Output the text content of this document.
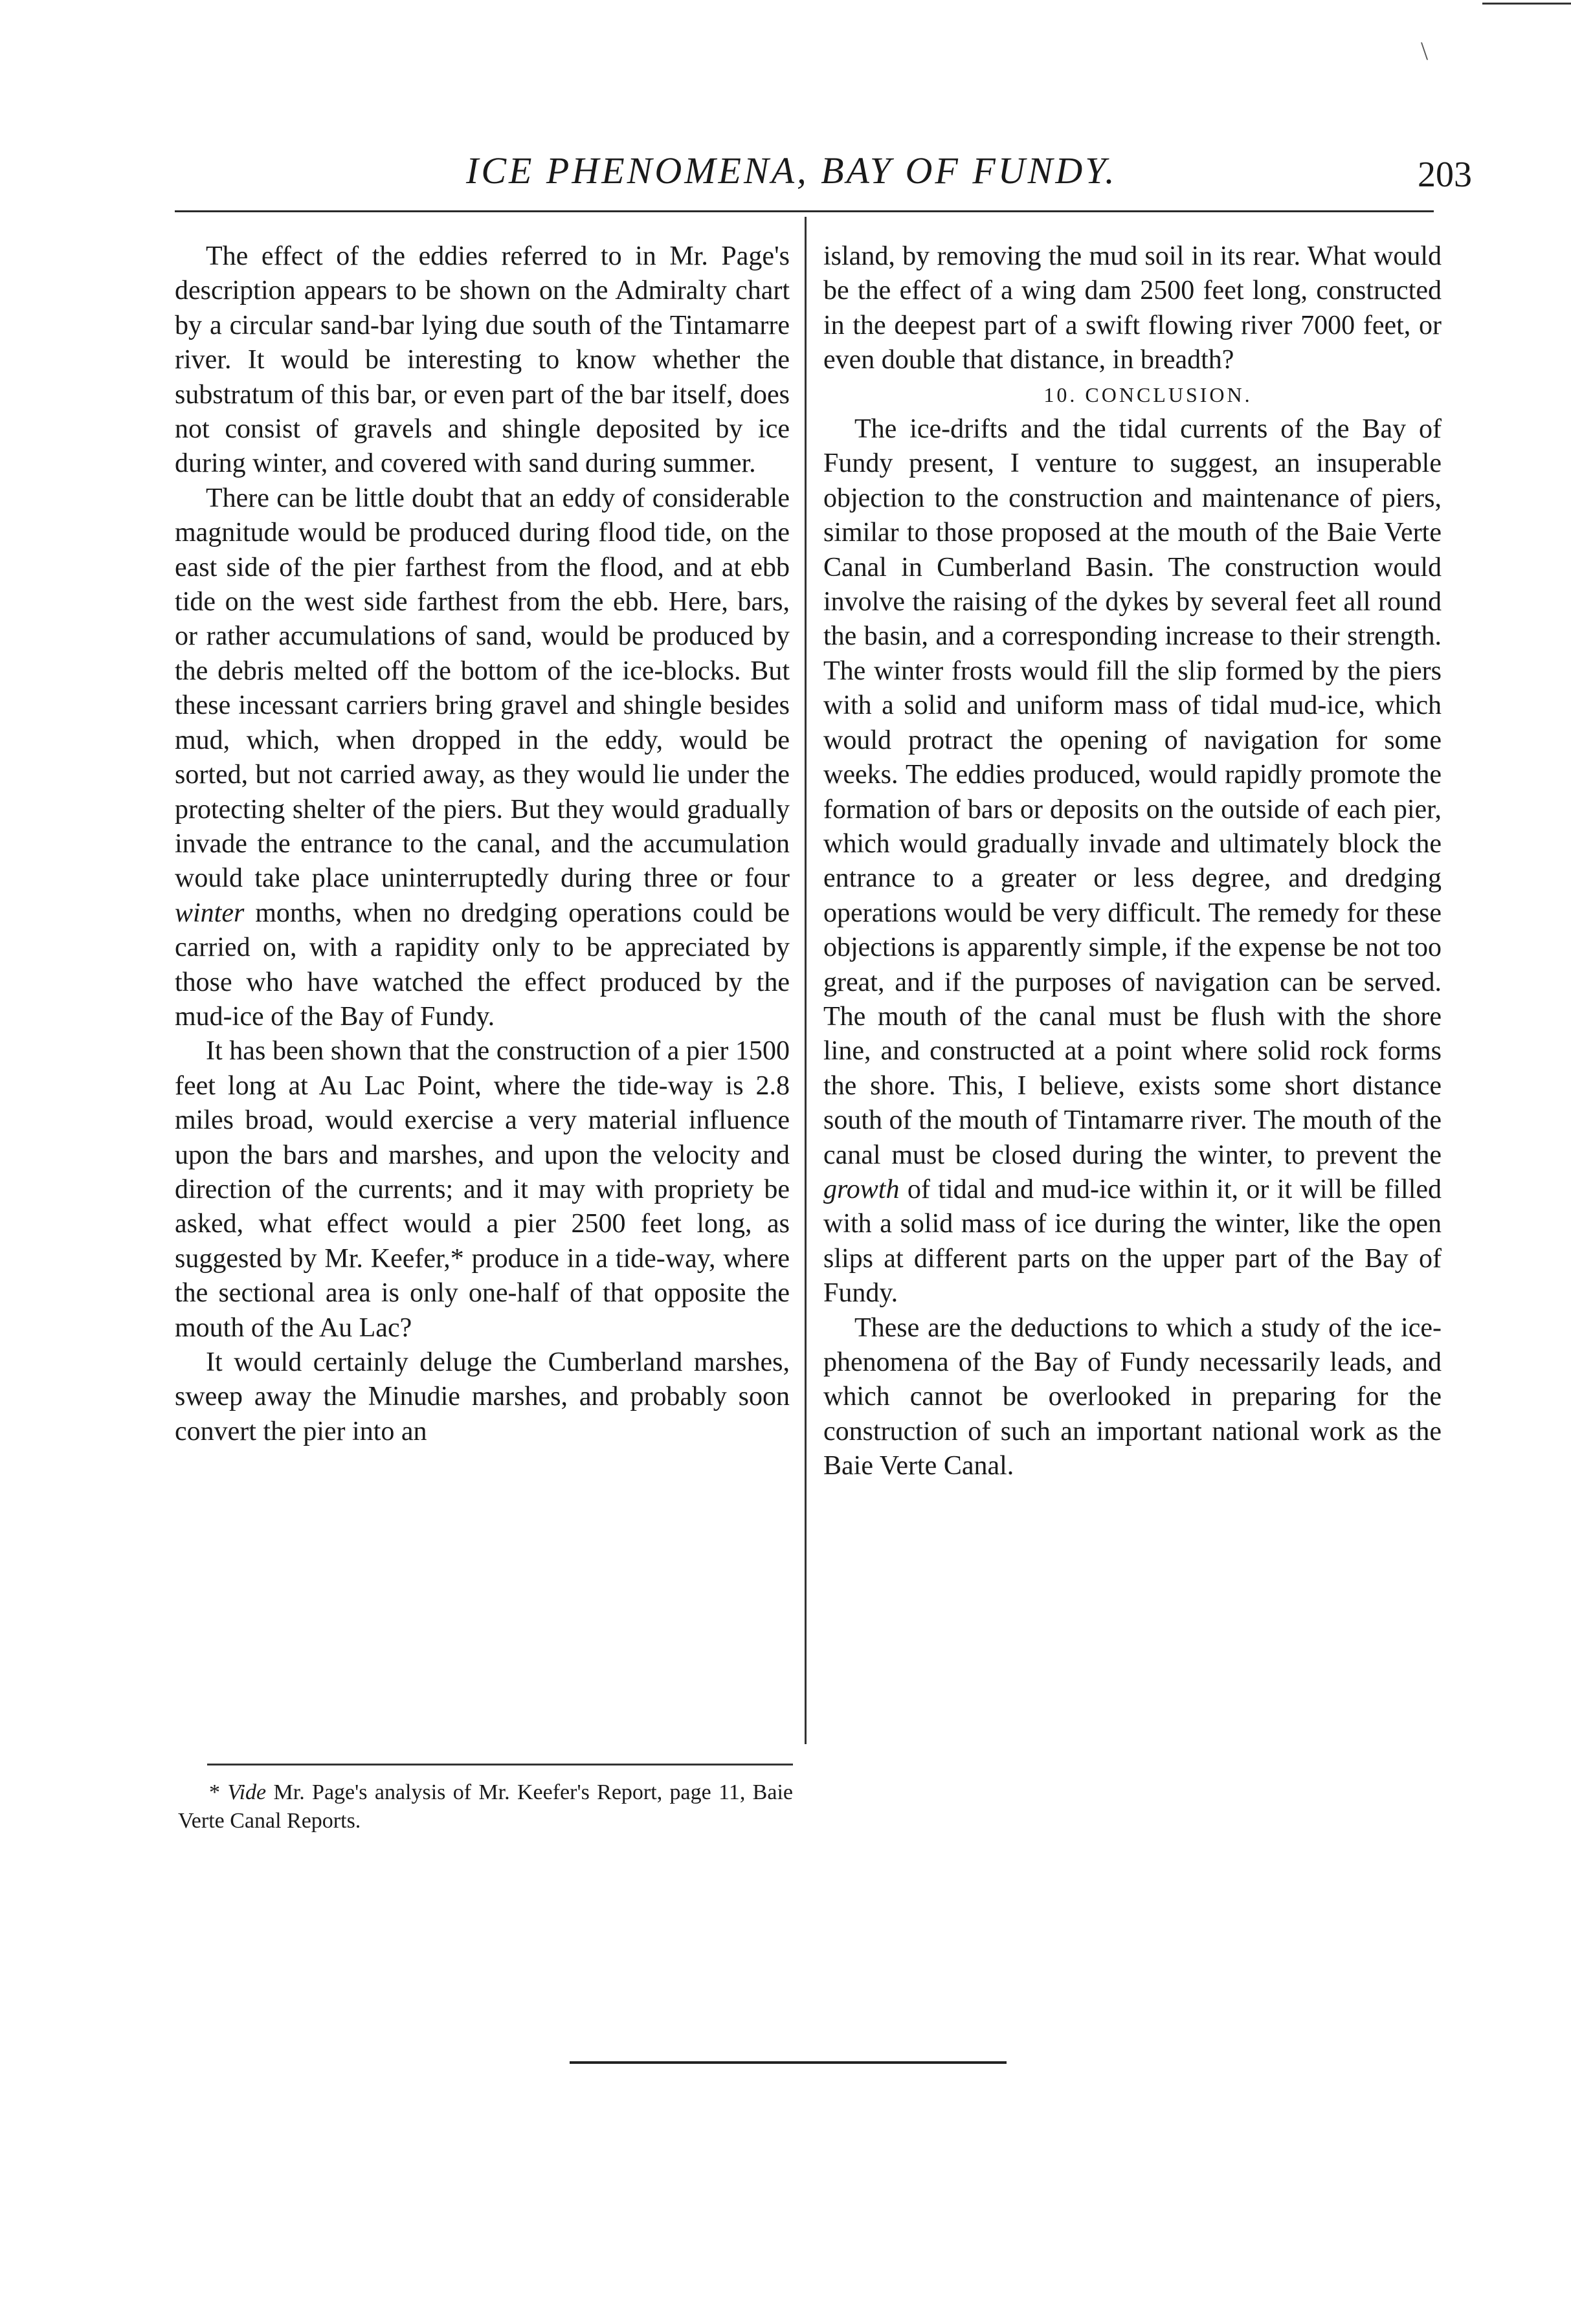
\
ICE PHENOMENA, BAY OF FUNDY.	203

The effect of the eddies referred to in Mr. Page's description appears to be shown on the Admiralty chart by a circular sand-bar lying due south of the Tintamarre river. It would be interesting to know whether the substratum of this bar, or even part of the bar itself, does not consist of gravels and shingle deposited by ice during winter, and covered with sand during summer.

There can be little doubt that an eddy of considerable magnitude would be produced during flood tide, on the east side of the pier farthest from the flood, and at ebb tide on the west side farthest from the ebb. Here, bars, or rather accumulations of sand, would be produced by the debris melted off the bottom of the ice-blocks. But these incessant carriers bring gravel and shingle besides mud, which, when dropped in the eddy, would be sorted, but not carried away, as they would lie under the protecting shelter of the piers. But they would gradually invade the entrance to the canal, and the accumulation would take place uninterruptedly during three or four winter months, when no dredging operations could be carried on, with a rapidity only to be appreciated by those who have watched the effect produced by the mud-ice of the Bay of Fundy.

It has been shown that the construction of a pier 1500 feet long at Au Lac Point, where the tide-way is 2.8 miles broad, would exercise a very material influence upon the bars and marshes, and upon the velocity and direction of the currents; and it may with propriety be asked, what effect would a pier 2500 feet long, as suggested by Mr. Keefer,* produce in a tide-way, where the sectional area is only one-half of that opposite the mouth of the Au Lac?

It would certainly deluge the Cumberland marshes, sweep away the Minudie marshes, and probably soon convert the pier into an

island, by removing the mud soil in its rear. What would be the effect of a wing dam 2500 feet long, constructed in the deepest part of a swift flowing river 7000 feet, or even double that distance, in breadth?

10. CONCLUSION.

The ice-drifts and the tidal currents of the Bay of Fundy present, I venture to suggest, an insuperable objection to the construction and maintenance of piers, similar to those proposed at the mouth of the Baie Verte Canal in Cumberland Basin. The construction would involve the raising of the dykes by several feet all round the basin, and a corresponding increase to their strength. The winter frosts would fill the slip formed by the piers with a solid and uniform mass of tidal mud-ice, which would protract the opening of navigation for some weeks. The eddies produced, would rapidly promote the formation of bars or deposits on the outside of each pier, which would gradually invade and ultimately block the entrance to a greater or less degree, and dredging operations would be very difficult. The remedy for these objections is apparently simple, if the expense be not too great, and if the purposes of navigation can be served. The mouth of the canal must be flush with the shore line, and constructed at a point where solid rock forms the shore. This, I believe, exists some short distance south of the mouth of Tintamarre river. The mouth of the canal must be closed during the winter, to prevent the growth of tidal and mud-ice within it, or it will be filled with a solid mass of ice during the winter, like the open slips at different parts on the upper part of the Bay of Fundy.

These are the deductions to which a study of the ice-phenomena of the Bay of Fundy necessarily leads, and which cannot be overlooked in preparing for the construction of such an important national work as the Baie Verte Canal.

* Vide Mr. Page's analysis of Mr. Keefer's Report, page 11, Baie Verte Canal Reports.
